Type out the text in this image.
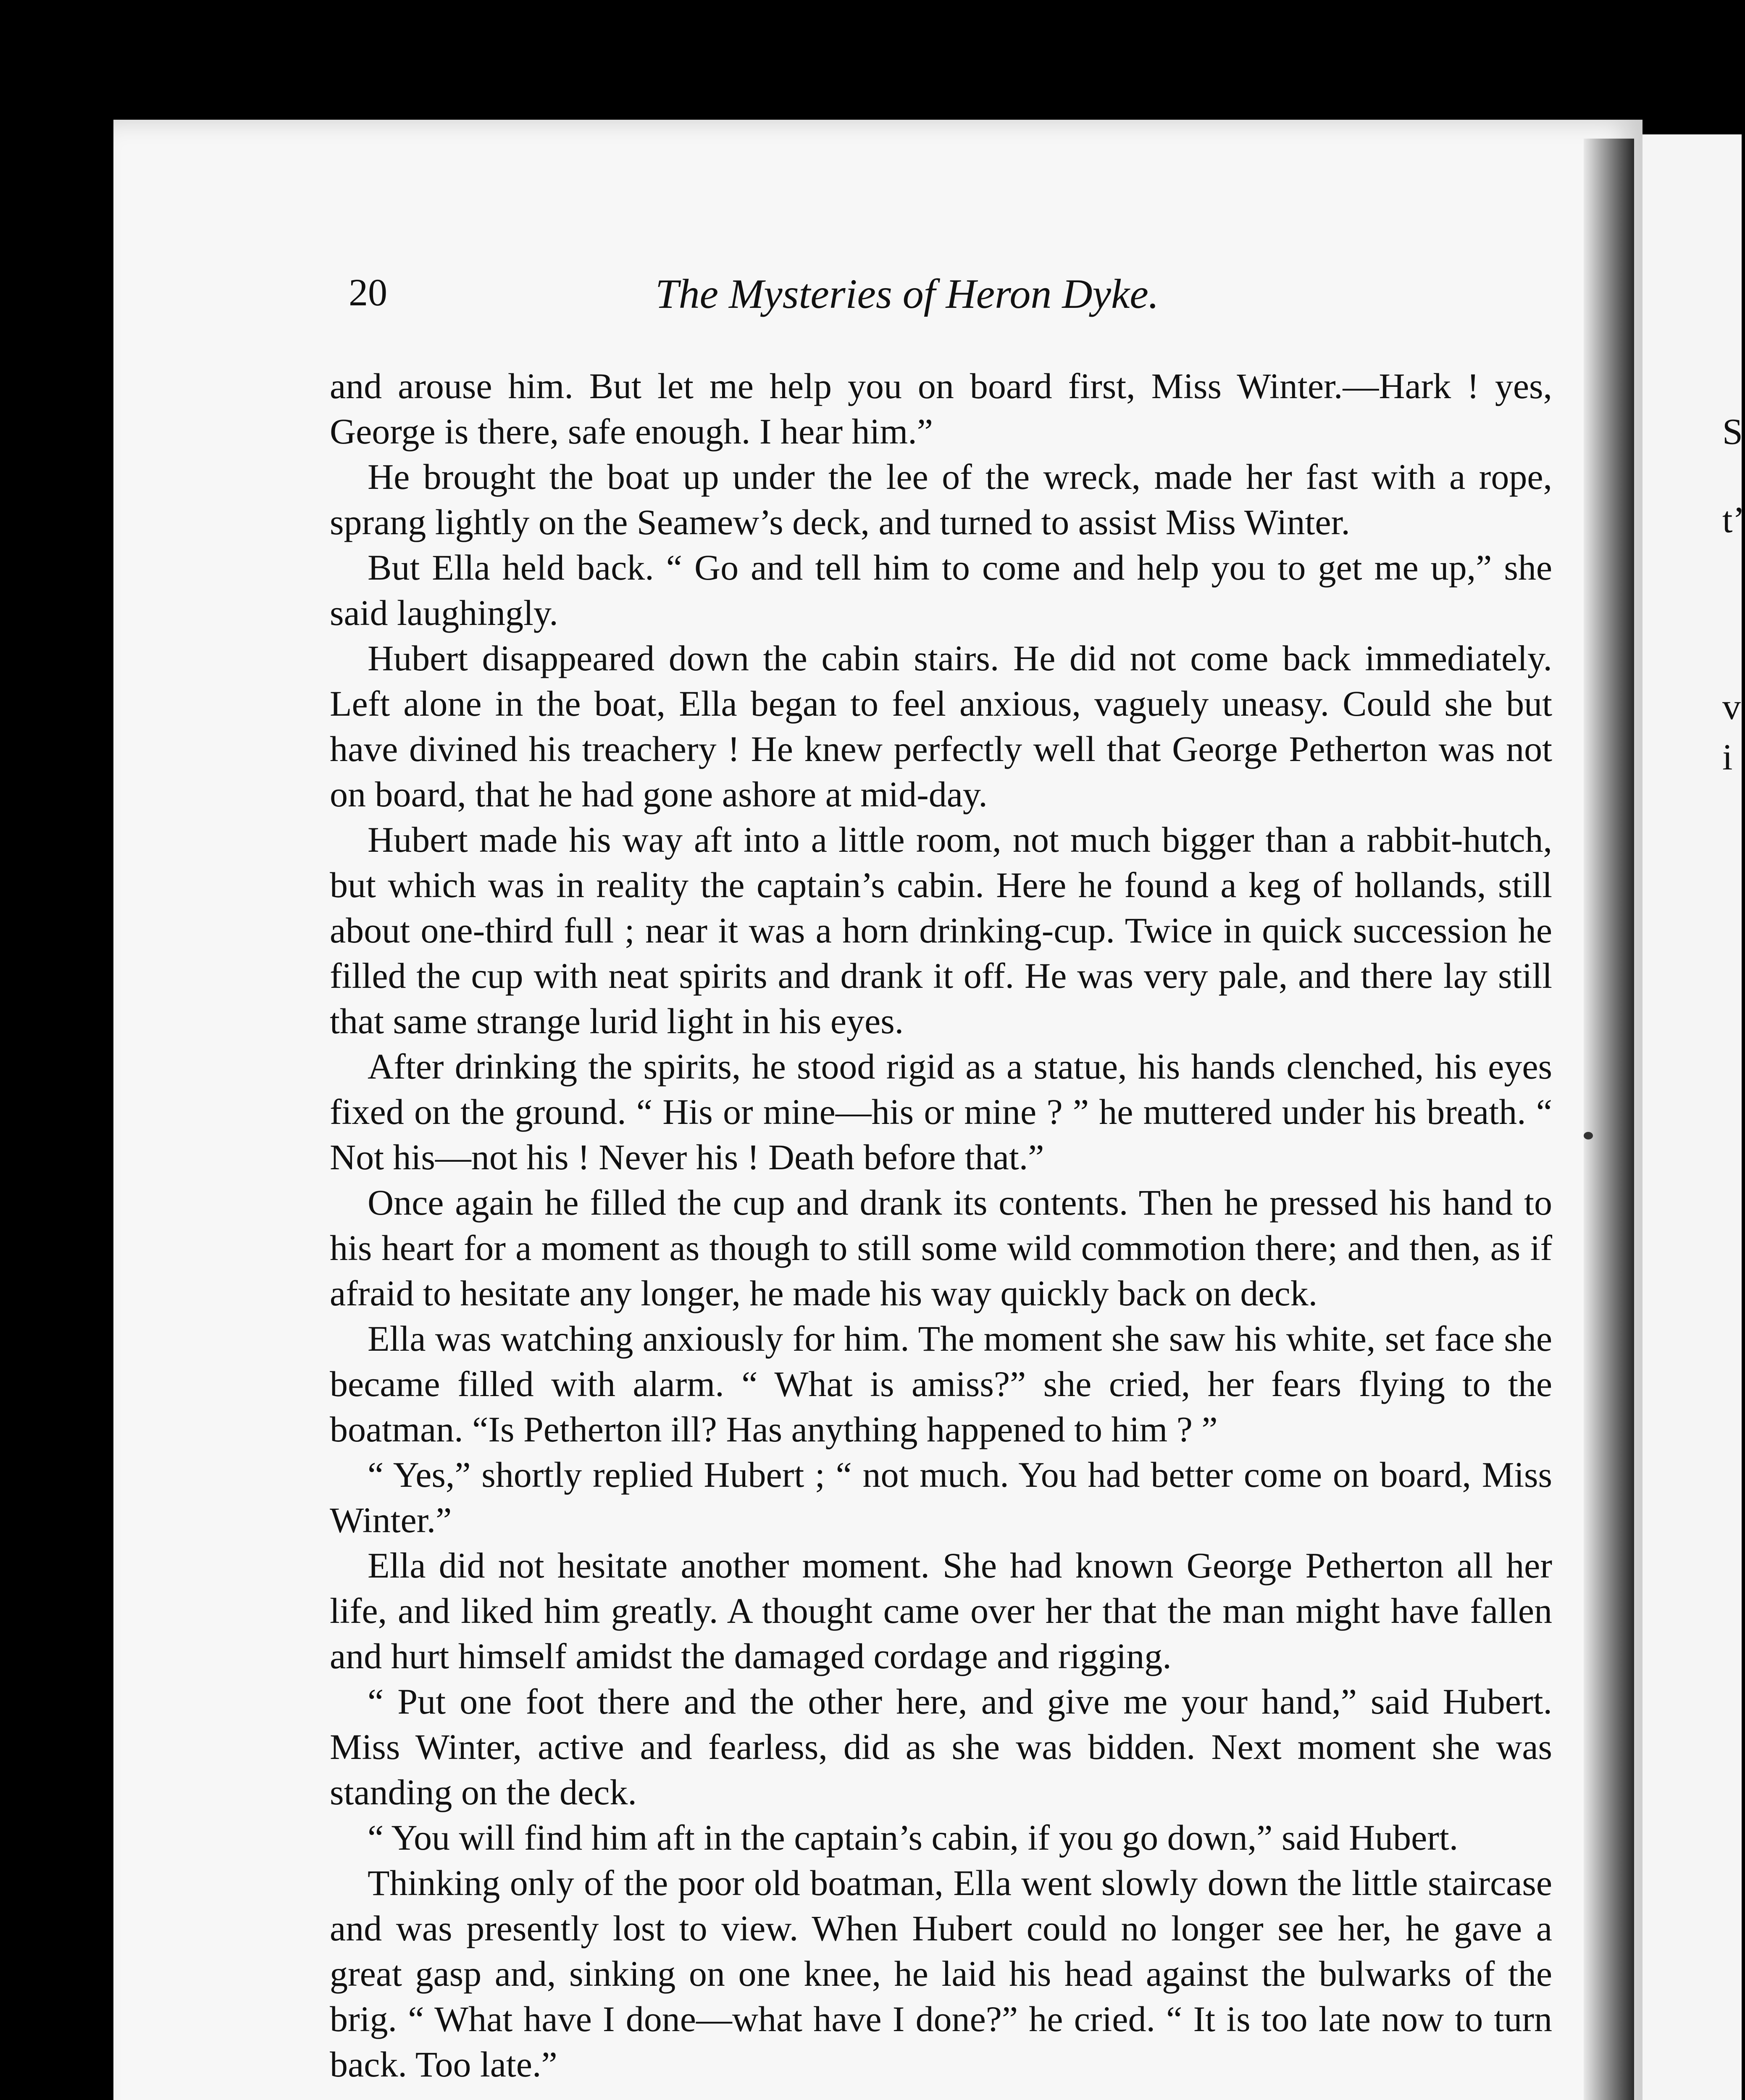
S
t’
v
i
20	The Mysteries of Heron Dyke.

and arouse him. But let me help you on board first, Miss Winter.—Hark ! yes, George is there, safe enough. I hear him.”

He brought the boat up under the lee of the wreck, made her fast with a rope, sprang lightly on the Seamew’s deck, and turned to assist Miss Winter.

But Ella held back. “ Go and tell him to come and help you to get me up,” she said laughingly.

Hubert disappeared down the cabin stairs. He did not come back immediately. Left alone in the boat, Ella began to feel anxious, vaguely uneasy. Could she but have divined his treachery ! He knew perfectly well that George Petherton was not on board, that he had gone ashore at mid-day.

Hubert made his way aft into a little room, not much bigger than a rabbit-hutch, but which was in reality the captain’s cabin. Here he found a keg of hollands, still about one-third full ; near it was a horn drinking-cup. Twice in quick succession he filled the cup with neat spirits and drank it off. He was very pale, and there lay still that same strange lurid light in his eyes.

After drinking the spirits, he stood rigid as a statue, his hands clenched, his eyes fixed on the ground. “ His or mine—his or mine ? ” he muttered under his breath. “ Not his—not his ! Never his ! Death before that.”

Once again he filled the cup and drank its contents. Then he pressed his hand to his heart for a moment as though to still some wild commotion there; and then, as if afraid to hesitate any longer, he made his way quickly back on deck.

Ella was watching anxiously for him. The moment she saw his white, set face she became filled with alarm. “ What is amiss?” she cried, her fears flying to the boatman. “Is Petherton ill? Has anything happened to him ? ”

“ Yes,” shortly replied Hubert ; “ not much. You had better come on board, Miss Winter.”

Ella did not hesitate another moment. She had known George Petherton all her life, and liked him greatly. A thought came over her that the man might have fallen and hurt himself amidst the damaged cordage and rigging.

“ Put one foot there and the other here, and give me your hand,” said Hubert. Miss Winter, active and fearless, did as she was bidden. Next moment she was standing on the deck.

“ You will find him aft in the captain’s cabin, if you go down,” said Hubert.

Thinking only of the poor old boatman, Ella went slowly down the little staircase and was presently lost to view. When Hubert could no longer see her, he gave a great gasp and, sinking on one knee, he laid his head against the bulwarks of the brig. “ What have I done—what have I done?” he cried. “ It is too late now to turn back. Too late.”
